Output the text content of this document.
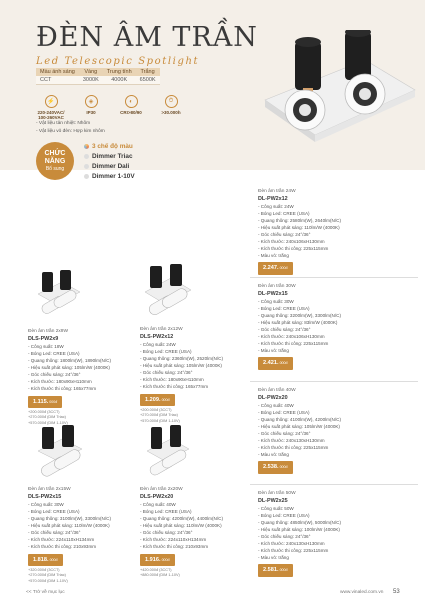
ĐÈN ÂM TRẦN
Led Telescopic Spotlight
Màu ánh sáng	Vàng	Trung tính	Trắng
CCT	3000K	4000K	6500K
⚡
220-240VAC/ 100-260VAC
◈
IP30
◐
CRI>80/90
⏱
>30.000h
- Vật liệu tản nhiệt: Nhôm
- Vật liệu vỏ đèn: Hợp kim nhôm
CHỨC
NĂNG
Bổ sung
3 chế độ màu
Dimmer Triac
Dimmer Dali
Dimmer 1-10V
Đèn âm trần 24W
DL-PW2x12
- Công suất: 24W
- Bóng Led: CREE (USA)
- Quang thông: 2580lm(W), 2640lm(N/C)
- Hiệu suất phát sáng: 110lm/W (4000K)
- Góc chiếu sáng: 24°/36°
- Kích thước: 240x106xH130mm
- Kích thước thi công: 225x115mm
- Màu vỏ: trắng
2.247.000đ
Đèn âm trần 30W
DL-PW2x15
- Công suất: 30W
- Bóng Led: CREE (USA)
- Quang thông: 3200lm(W), 3300lm(N/C)
- Hiệu suất phát sáng: 83lm/W (4000K)
- Góc chiếu sáng: 24°/36°
- Kích thước: 240x106xH130mm
- Kích thước thi công: 225x115mm
- Màu vỏ: trắng
2.421.000đ
Đèn âm trần 40W
DL-PW2x20
- Công suất: 40W
- Bóng Led: CREE (USA)
- Quang thông: 4100lm(W), 4200lm(N/C)
- Hiệu suất phát sáng: 105lm/W (4000K)
- Góc chiếu sáng: 24°/36°
- Kích thước: 240x130xH130mm
- Kích thước thi công: 225x115mm
- Màu vỏ: trắng
2.538.000đ
Đèn âm trần 50W
DL-PW2x25
- Công suất: 50W
- Bóng Led: CREE (USA)
- Quang thông: 4850lm(W), 5000lm(N/C)
- Hiệu suất phát sáng: 100lm/W (4000K)
- Góc chiếu sáng: 24°/36°
- Kích thước: 240x130xH130mm
- Kích thước thi công: 225x115mm
- Màu vỏ: trắng
2.581.000đ
Đèn âm trần 2x9W
DLS-PW2x9
- Công suất: 18W
- Bóng Led: CREE (USA)
- Quang thông: 1800lm(W), 1890lm(N/C)
- Hiệu suất phát sáng: 105lm/W (4000K)
- Góc chiếu sáng: 24°/36°
- Kích thước: 180x90xH110mm
- Kích thước thi công: 165x77mm
1.115.000đ
+200.000đ (3CCT)
+270.000đ (DIM Triac)
+570.000đ (DIM 1-10V)
Đèn âm trần 2x12W
DLS-PW2x12
- Công suất: 24W
- Bóng Led: CREE (USA)
- Quang thông: 2360lm(W), 2520lm(N/C)
- Hiệu suất phát sáng: 105lm/W (4000K)
- Góc chiếu sáng: 24°/36°
- Kích thước: 180x90xH110mm
- Kích thước thi công: 165x77mm
1.209.000đ
+200.000đ (3CCT)
+270.000đ (DIM Triac)
+570.000đ (DIM 1-10V)
Đèn âm trần 2x15W
DLS-PW2x15
- Công suất: 30W
- Bóng Led: CREE (USA)
- Quang thông: 3100lm(W), 3300lm(N/C)
- Hiệu suất phát sáng: 110lm/W (4000K)
- Góc chiếu sáng: 24°/36°
- Kích thước: 224x110xH134mm
- Kích thước thi công: 210x93mm
1.818.000đ
+320.000đ (3CCT)
+270.000đ (DIM Triac)
+570.000đ (DIM 1-10V)
Đèn âm trần 2x20W
DLS-PW2x20
- Công suất: 40W
- Bóng Led: CREE (USA)
- Quang thông: 4200lm(W), 4400lm(N/C)
- Hiệu suất phát sáng: 110lm/W (4000K)
- Góc chiếu sáng: 24°/36°
- Kích thước: 224x110xH134mm
- Kích thước thi công: 210x93mm
1.916.000đ
+420.000đ (3CCT)
+880.000đ (DIM 1-10V)
<< Trở về mục lục	www.vinaled.com.vn 53
